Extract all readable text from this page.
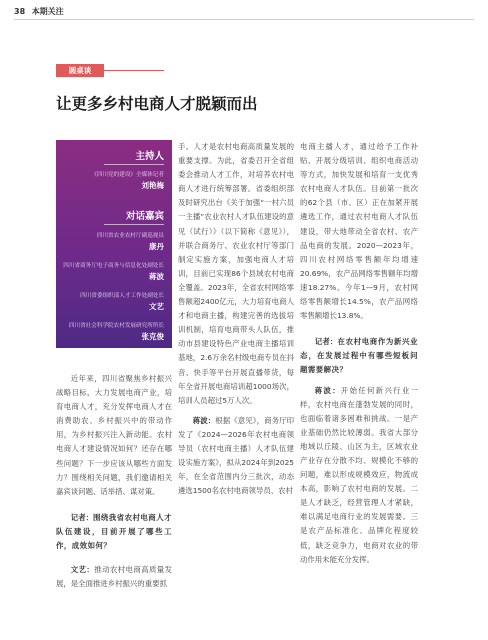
38 本期关注
圆桌谈
让更多乡村电商人才脱颖而出
主持人
《四川党的建设》全媒体记者
刘艳梅
对话嘉宾
四川省农业农村厅副巡视员
康丹
四川省商务厅电子商务与信息化处副处长
蒋波
四川省委组织部人才工作处副处长
文艺
四川省社会科学院农村发展研究所所长
张克俊

近年来，四川省聚焦乡村振兴战略目标，大力发展电商产业，培育电商人才，充分发挥电商人才在消费助农、乡村振兴中的带动作用，为乡村振兴注入新动能。农村电商人才建设情况如何？还存在哪些问题？下一步应该从哪些方面发力？围绕相关问题，我们邀请相关嘉宾谈问题、话举措、谋对策。

记者：围绕我省农村电商人才队伍建设，目前开展了哪些工作，成效如何？

文艺：推动农村电商高质量发展，是全面推进乡村振兴的重要抓

手。人才是农村电商高质量发展的重要支撑。为此，省委召开全省组委会推动人才工作，对培养农村电商人才进行统筹部署。省委组织部及时研究出台《关于加强“一村六员一主播”农业农村人才队伍建设的意见（试行）》（以下简称《意见》），并联合商务厅、农业农村厅等部门制定实施方案，加强电商人才培训，目前已实现86个县域农村电商全覆盖。2023年，全省农村网络零售额超2400亿元，大力培育电商人才和电商主播，构建完善的选拔培训机制，培育电商带头人队伍，推动市县建设特色产业电商主播培训基地，2.6万余名村级电商专员在抖音、快手等平台开展直播带货，每年全省开展电商培训超1000场次，培训人员超过5万人次。

蒋波：根据《意见》，商务厅印发了《2024—2026年农村电商领导员（农村电商主播）人才队伍建设实施方案》，拟从2024年到2025年，在全省范围内分三批次，动态遴选1500名农村电商领导员、农村

电商主播人才，通过给予工作补贴、开展分级培训、组织电商活动等方式，加快发展和培育一支优秀农村电商人才队伍。目前第一批次的62个县（市、区）正在加紧开展遴选工作，通过农村电商人才队伍建设，带大地带动全省农村、农产品电商的发展。2020—2023年，四川农村网络零售额年均增速20.69%，农产品网络零售额年均增速18.27%。今年1—9月，农村网络零售额增长14.5%，农产品网络零售额增长13.8%。

记者：在农村电商作为新兴业态，在发展过程中有哪些短板问题需要解决？

蒋波：开始任何新兴行业一样，农村电商在蓬勃发展的同时，也面临着诸多困难和挑战。一是产业基础仍然比较薄弱。我省大部分地域以丘陵、山区为主，区域农业产业存在分散不均、规模化不够的问题，难以形成规模效应，物流成本高，影响了农村电商的发展。二是人才缺乏，经营管理人才紧缺，难以满足电商行业的发展需要。三是农产品标准化、品牌化程度较低，缺乏竞争力，电商对农业的带动作用未能充分发挥。
